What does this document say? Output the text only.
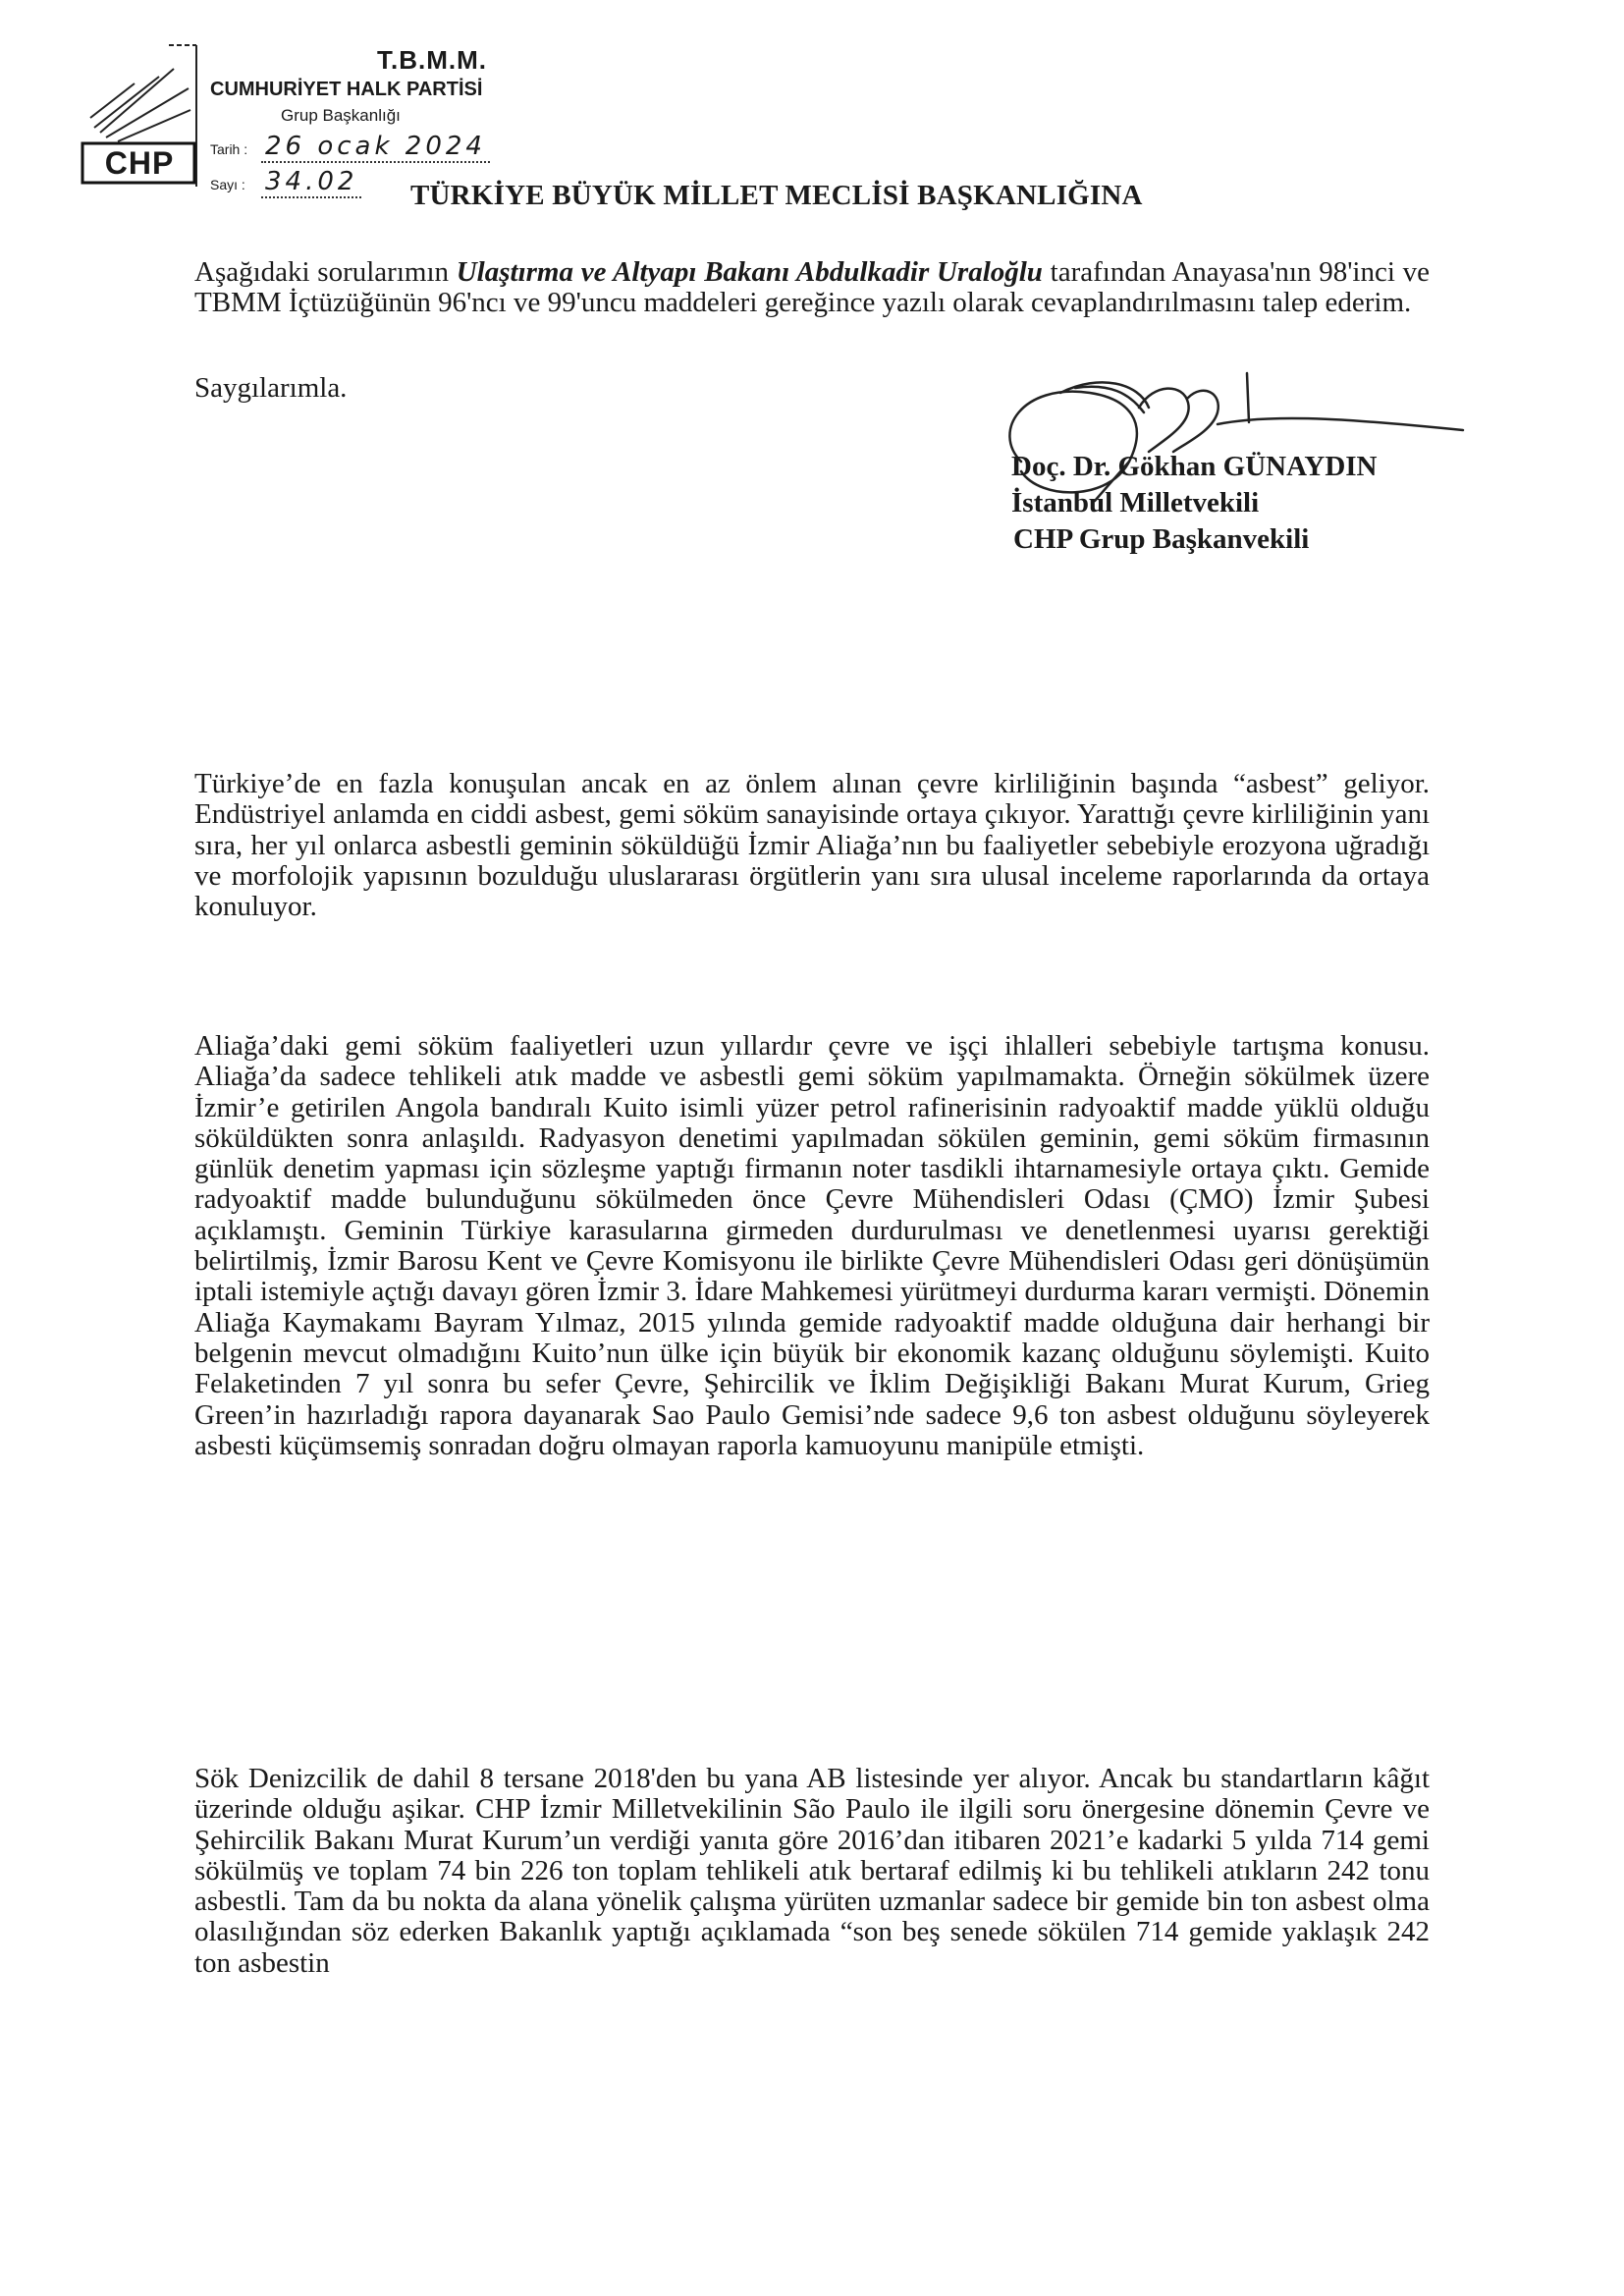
CHP
T.B.M.M.
CUMHURİYET HALK PARTİSİ
Grup Başkanlığı
Tarih : 26 ocak 2024
Sayı : 34.02 TÜRKİYE BÜYÜK MİLLET MECLİSİ BAŞKANLIĞINA
Aşağıdaki sorularımın Ulaştırma ve Altyapı Bakanı Abdulkadir Uraloğlu tarafından Anayasa'nın 98'inci ve TBMM İçtüzüğünün 96'ncı ve 99'uncu maddeleri gereğince yazılı olarak cevaplandırılmasını talep ederim.
Saygılarımla.
Doç. Dr. Gökhan GÜNAYDIN
İstanbul Milletvekili
CHP Grup Başkanvekili
Türkiye’de en fazla konuşulan ancak en az önlem alınan çevre kirliliğinin başında “asbest” geliyor. Endüstriyel anlamda en ciddi asbest, gemi söküm sanayisinde ortaya çıkıyor. Yarattığı çevre kirliliğinin yanı sıra, her yıl onlarca asbestli geminin söküldüğü İzmir Aliağa’nın bu faaliyetler sebebiyle erozyona uğradığı ve morfolojik yapısının bozulduğu uluslararası örgütlerin yanı sıra ulusal inceleme raporlarında da ortaya konuluyor.
Aliağa’daki gemi söküm faaliyetleri uzun yıllardır çevre ve işçi ihlalleri sebebiyle tartışma konusu. Aliağa’da sadece tehlikeli atık madde ve asbestli gemi söküm yapılmamakta. Örneğin sökülmek üzere İzmir’e getirilen Angola bandıralı Kuito isimli yüzer petrol rafinerisinin radyoaktif madde yüklü olduğu söküldükten sonra anlaşıldı. Radyasyon denetimi yapılmadan sökülen geminin, gemi söküm firmasının günlük denetim yapması için sözleşme yaptığı firmanın noter tasdikli ihtarnamesiyle ortaya çıktı. Gemide radyoaktif madde bulunduğunu sökülmeden önce Çevre Mühendisleri Odası (ÇMO) İzmir Şubesi açıklamıştı. Geminin Türkiye karasularına girmeden durdurulması ve denetlenmesi uyarısı gerektiği belirtilmiş, İzmir Barosu Kent ve Çevre Komisyonu ile birlikte Çevre Mühendisleri Odası geri dönüşümün iptali istemiyle açtığı davayı gören İzmir 3. İdare Mahkemesi yürütmeyi durdurma kararı vermişti. Dönemin Aliağa Kaymakamı Bayram Yılmaz, 2015 yılında gemide radyoaktif madde olduğuna dair herhangi bir belgenin mevcut olmadığını Kuito’nun ülke için büyük bir ekonomik kazanç olduğunu söylemişti. Kuito Felaketinden 7 yıl sonra bu sefer Çevre, Şehircilik ve İklim Değişikliği Bakanı Murat Kurum, Grieg Green’in hazırladığı rapora dayanarak Sao Paulo Gemisi’nde sadece 9,6 ton asbest olduğunu söyleyerek asbesti küçümsemiş sonradan doğru olmayan raporla kamuoyunu manipüle etmişti.
Sök Denizcilik de dahil 8 tersane 2018'den bu yana AB listesinde yer alıyor. Ancak bu standartların kâğıt üzerinde olduğu aşikar. CHP İzmir Milletvekilinin São Paulo ile ilgili soru önergesine dönemin Çevre ve Şehircilik Bakanı Murat Kurum’un verdiği yanıta göre 2016’dan itibaren 2021’e kadarki 5 yılda 714 gemi sökülmüş ve toplam 74 bin 226 ton toplam tehlikeli atık bertaraf edilmiş ki bu tehlikeli atıkların 242 tonu asbestli. Tam da bu nokta da alana yönelik çalışma yürüten uzmanlar sadece bir gemide bin ton asbest olma olasılığından söz ederken Bakanlık yaptığı açıklamada “son beş senede sökülen 714 gemide yaklaşık 242 ton asbestin
